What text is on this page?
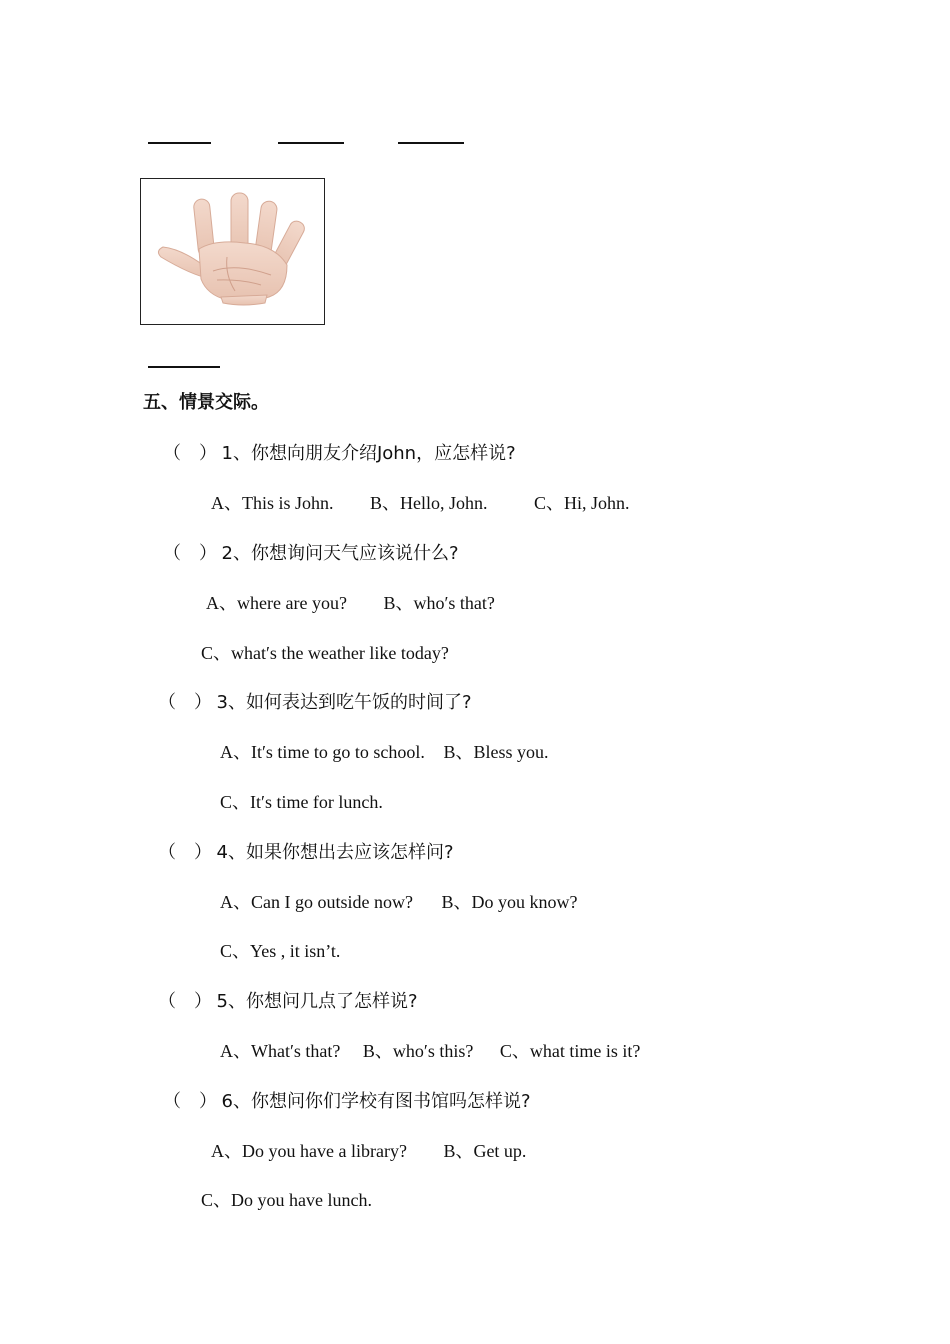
五、情景交际。
（　） 1、你想向朋友介绍John，应怎样说?
A、This is John. B、Hello, John.	C、Hi, John.
（　） 2、你想询问天气应该说什么?
A、where are you? B、who′s that?
C、what′s the weather like today?
（　） 3、如何表达到吃午饭的时间了?
A、It′s time to go to school. B、Bless you.
C、It′s time for lunch.
（　） 4、如果你想出去应该怎样问?
A、Can I go outside now? B、Do you know?
C、Yes , it isn’t.
（　） 5、你想问几点了怎样说?
A、What′s that? B、who′s this? C、what time is it?
（　） 6、你想问你们学校有图书馆吗怎样说?
A、Do you have a library? B、Get up.
C、Do you have lunch.
